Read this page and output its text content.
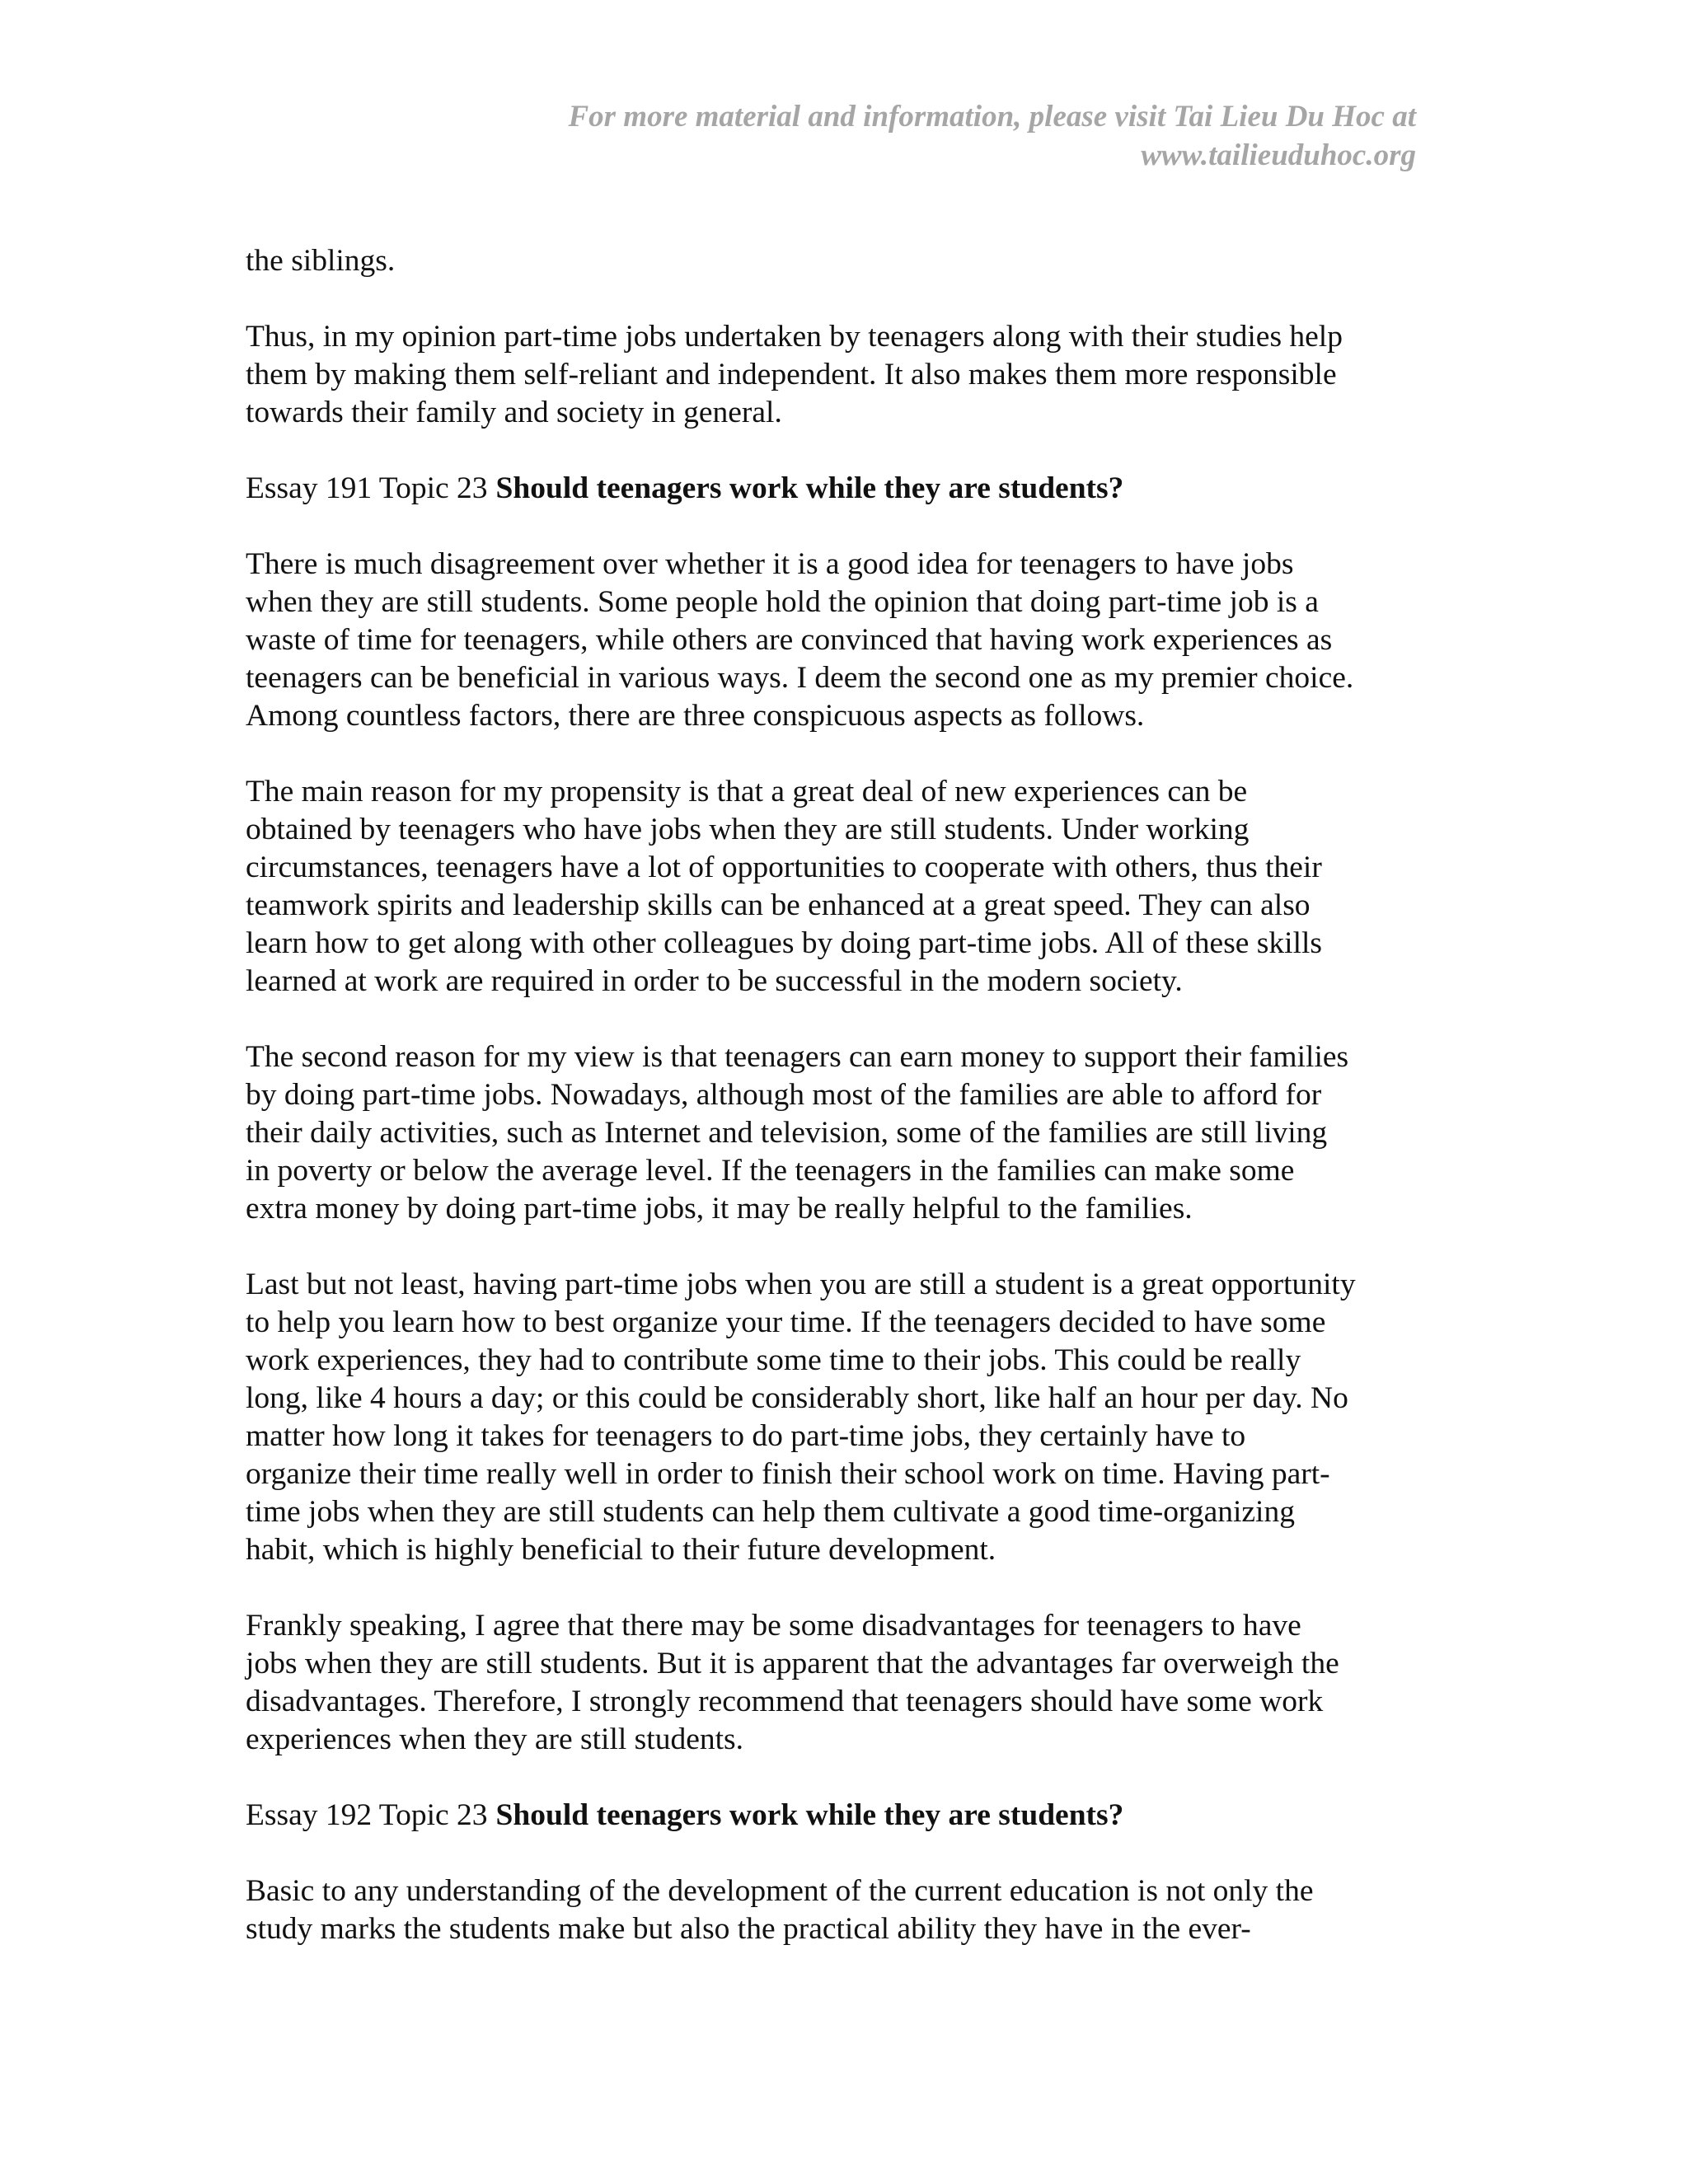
For more material and information, please visit Tai Lieu Du Hoc at
www.tailieuduhoc.org

the siblings.

Thus, in my opinion part-time jobs undertaken by teenagers along with their studies help
them by making them self-reliant and independent. It also makes them more responsible
towards their family and society in general.

Essay 191 Topic 23 Should teenagers work while they are students?

There is much disagreement over whether it is a good idea for teenagers to have jobs
when they are still students. Some people hold the opinion that doing part-time job is a
waste of time for teenagers, while others are convinced that having work experiences as
teenagers can be beneficial in various ways. I deem the second one as my premier choice.
Among countless factors, there are three conspicuous aspects as follows.

The main reason for my propensity is that a great deal of new experiences can be
obtained by teenagers who have jobs when they are still students. Under working
circumstances, teenagers have a lot of opportunities to cooperate with others, thus their
teamwork spirits and leadership skills can be enhanced at a great speed. They can also
learn how to get along with other colleagues by doing part-time jobs. All of these skills
learned at work are required in order to be successful in the modern society.

The second reason for my view is that teenagers can earn money to support their families
by doing part-time jobs. Nowadays, although most of the families are able to afford for
their daily activities, such as Internet and television, some of the families are still living
in poverty or below the average level. If the teenagers in the families can make some
extra money by doing part-time jobs, it may be really helpful to the families.

Last but not least, having part-time jobs when you are still a student is a great opportunity
to help you learn how to best organize your time. If the teenagers decided to have some
work experiences, they had to contribute some time to their jobs. This could be really
long, like 4 hours a day; or this could be considerably short, like half an hour per day. No
matter how long it takes for teenagers to do part-time jobs, they certainly have to
organize their time really well in order to finish their school work on time. Having part-
time jobs when they are still students can help them cultivate a good time-organizing
habit, which is highly beneficial to their future development.

Frankly speaking, I agree that there may be some disadvantages for teenagers to have
jobs when they are still students. But it is apparent that the advantages far overweigh the
disadvantages. Therefore, I strongly recommend that teenagers should have some work
experiences when they are still students.

Essay 192 Topic 23 Should teenagers work while they are students?

Basic to any understanding of the development of the current education is not only the
study marks the students make but also the practical ability they have in the ever-
